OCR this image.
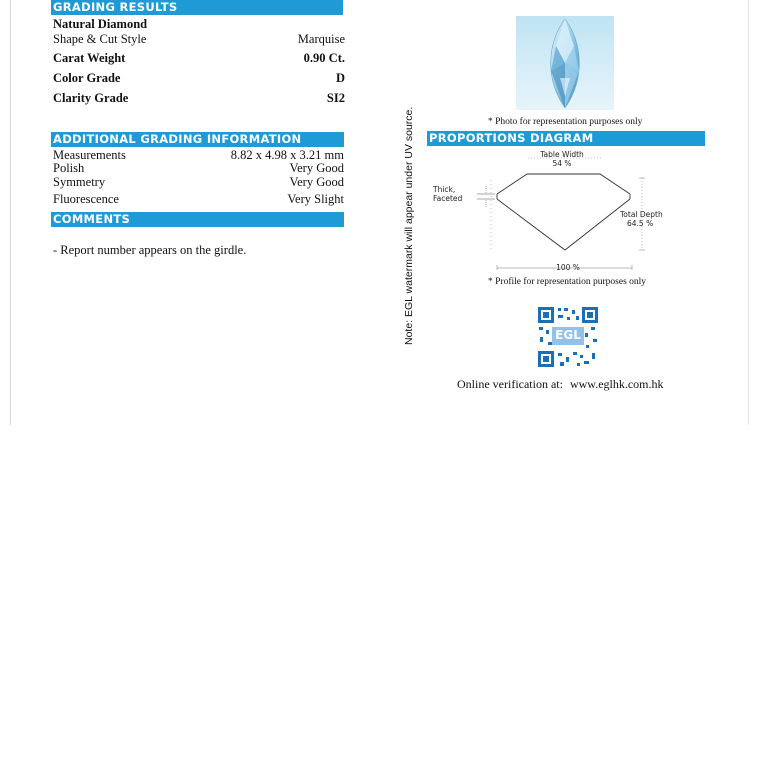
GRADING RESULTS
Natural Diamond
Shape & Cut Style	Marquise
Carat Weight	0.90 Ct.
Color Grade	D
Clarity Grade	SI2
ADDITIONAL GRADING INFORMATION
Measurements	8.82 x 4.98 x 3.21 mm
Polish	Very Good
Symmetry	Very Good
Fluorescence	Very Slight
COMMENTS
- Report number appears on the girdle.	Note: EGL watermark will appear under UV source.	* Photo for representation purposes only
PROPORTIONS DIAGRAM
Table Width
54 %
Thick,
Faceted
Total Depth
64.5 %
100 %
* Profile for representation purposes only
EGL
Online verification at: www.eglhk.com.hk
